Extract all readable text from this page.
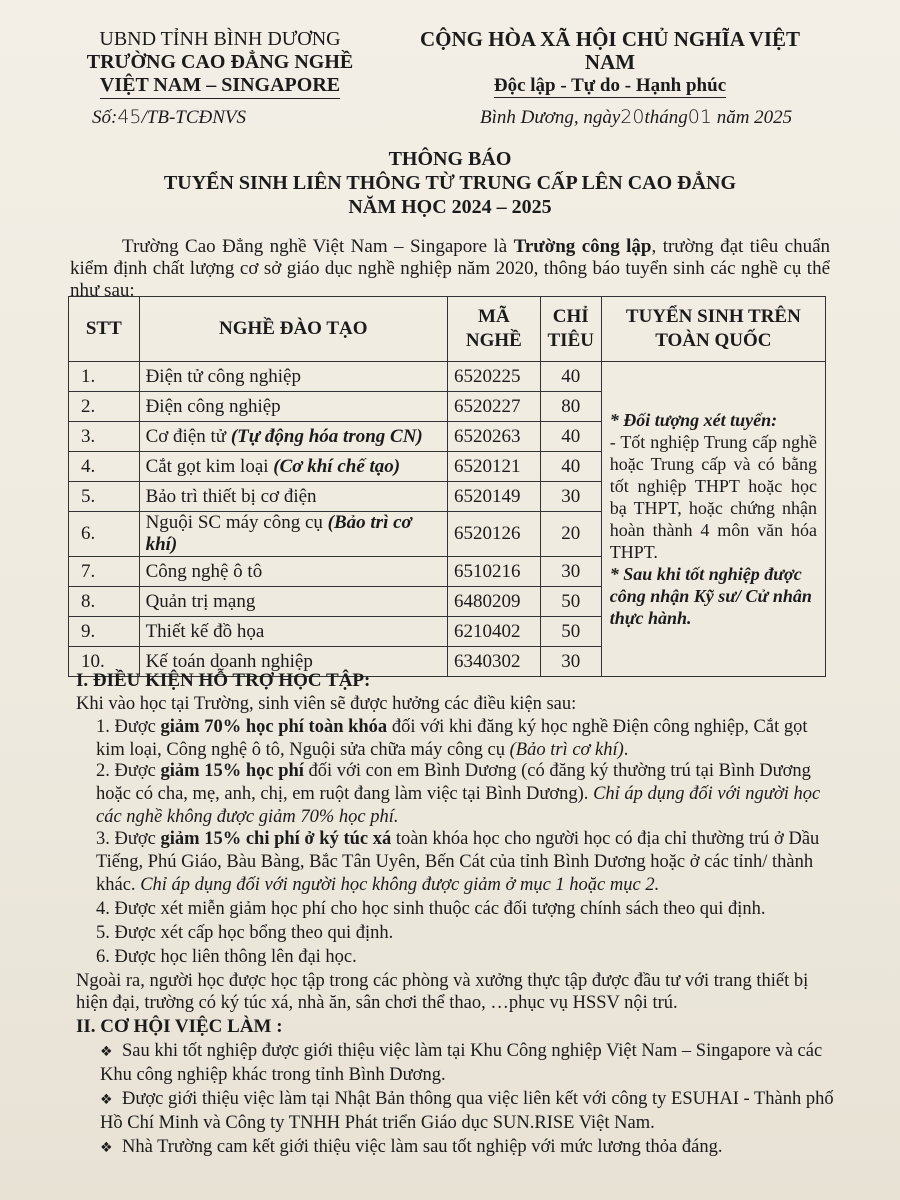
UBND TỈNH BÌNH DƯƠNG
TRƯỜNG CAO ĐẲNG NGHỀ
VIỆT NAM – SINGAPORE
CỘNG HÒA XÃ HỘI CHỦ NGHĨA VIỆT NAM
Độc lập - Tự do - Hạnh phúc
Số:45/TB-TCĐNVS	Bình Dương, ngày20tháng01 năm 2025
THÔNG BÁO
TUYỂN SINH LIÊN THÔNG TỪ TRUNG CẤP LÊN CAO ĐẲNG
NĂM HỌC 2024 – 2025
Trường Cao Đẳng nghề Việt Nam – Singapore là Trường công lập, trường đạt tiêu chuẩn kiểm định chất lượng cơ sở giáo dục nghề nghiệp năm 2020, thông báo tuyển sinh các nghề cụ thể như sau:
STT	NGHỀ ĐÀO TẠO	MÃ NGHỀ	CHỈ TIÊU	TUYỂN SINH TRÊN TOÀN QUỐC
1.	Điện tử công nghiệp	6520225	40	* Đối tượng xét tuyển:
- Tốt nghiệp Trung cấp nghề hoặc Trung cấp và có bằng tốt nghiệp THPT hoặc học bạ THPT, hoặc chứng nhận hoàn thành 4 môn văn hóa THPT.
* Sau khi tốt nghiệp được công nhận Kỹ sư/ Cử nhân thực hành.

2.	Điện công nghiệp	6520227	80	
3.	Cơ điện tử (Tự động hóa trong CN)	6520263	40	
4.	Cắt gọt kim loại (Cơ khí chế tạo)	6520121	40	
5.	Bảo trì thiết bị cơ điện	6520149	30	
6.	Nguội SC máy công cụ (Bảo trì cơ khí)	6520126	20	
7.	Công nghệ ô tô	6510216	30	
8.	Quản trị mạng	6480209	50	
9.	Thiết kế đồ họa	6210402	50	
10.	Kế toán doanh nghiệp	6340302	30	
I. ĐIỀU KIỆN HỖ TRỢ HỌC TẬP:
Khi vào học tại Trường, sinh viên sẽ được hưởng các điều kiện sau:
1. Được giảm 70% học phí toàn khóa đối với khi đăng ký học nghề Điện công nghiệp, Cắt gọt kim loại, Công nghệ ô tô, Nguội sửa chữa máy công cụ (Bảo trì cơ khí).
2. Được giảm 15% học phí đối với con em Bình Dương (có đăng ký thường trú tại Bình Dương hoặc có cha, mẹ, anh, chị, em ruột đang làm việc tại Bình Dương). Chỉ áp dụng đối với người học các nghề không được giảm 70% học phí.
3. Được giảm 15% chi phí ở ký túc xá toàn khóa học cho người học có địa chỉ thường trú ở Dầu Tiếng, Phú Giáo, Bàu Bàng, Bắc Tân Uyên, Bến Cát của tỉnh Bình Dương hoặc ở các tỉnh/ thành khác. Chỉ áp dụng đối với người học không được giảm ở mục 1 hoặc mục 2.
4. Được xét miễn giảm học phí cho học sinh thuộc các đối tượng chính sách theo qui định.
5. Được xét cấp học bổng theo qui định.
6. Được học liên thông lên đại học.
Ngoài ra, người học được học tập trong các phòng và xưởng thực tập được đầu tư với trang thiết bị hiện đại, trường có ký túc xá, nhà ăn, sân chơi thể thao, …phục vụ HSSV nội trú.
II. CƠ HỘI VIỆC LÀM :
❖ Sau khi tốt nghiệp được giới thiệu việc làm tại Khu Công nghiệp Việt Nam – Singapore và các Khu công nghiệp khác trong tỉnh Bình Dương.
❖ Được giới thiệu việc làm tại Nhật Bản thông qua việc liên kết với công ty ESUHAI - Thành phố Hồ Chí Minh và Công ty TNHH Phát triển Giáo dục SUN.RISE Việt Nam.
❖ Nhà Trường cam kết giới thiệu việc làm sau tốt nghiệp với mức lương thỏa đáng.
